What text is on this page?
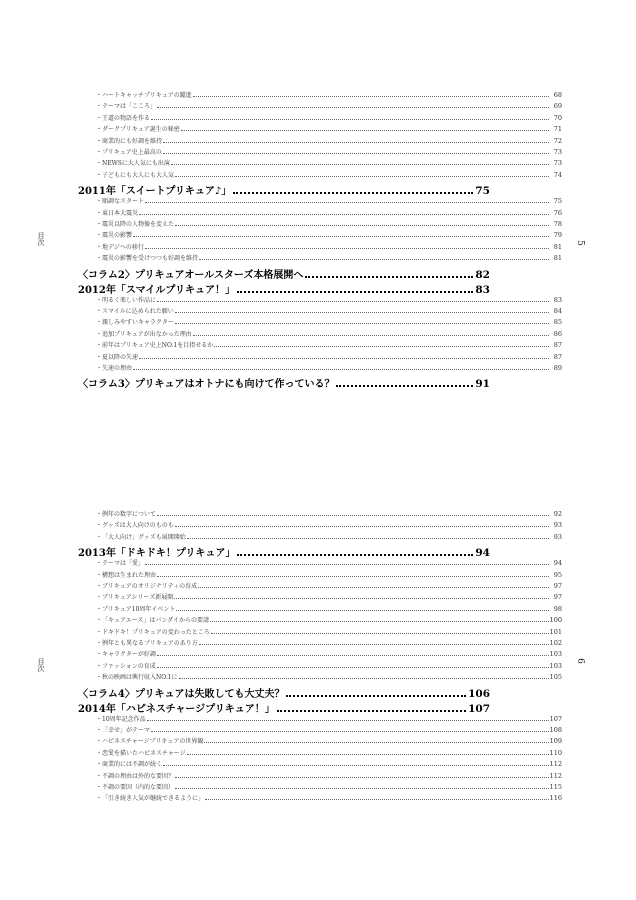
目次	5
・ ハートキャッチプリキュアの躍進	68
・ テーマは「こころ」	69
・ 王道の物語を作る	70
・ ダークプリキュア誕生の秘密	71
・ 商業的にも好調を維持	72
・ プリキュア史上最高の	73
・ NEWSに大人気にも出演	73
・ 子どもにも大人にも大人気	74
2011年「スイートプリキュア♪」	75
・ 順調なスタート	75
・ 東日本大震災	76
・ 震災以降の人物像を変えた	78
・ 震災の影響	79
・ 地デジへの移行	81
・ 震災の影響を受けつつも好調を維持	81
〈コラム2〉プリキュアオールスターズ本格展開へ	82
2012年「スマイルプリキュア！」	83
・ 明るく楽しい作品に	83
・ スマイルに込められた願い	84
・ 親しみやすいキャラクター	85
・ 追加プリキュアが出なかった理由	86
・ 前年はプリキュア史上NO.1を目指せるか	87
・ 夏以降の失速	87
・ 失速の理由	89
〈コラム3〉プリキュアはオトナにも向けて作っている？	91
目次	6
・ 例年の数字について	92
・ グッズは大人向けのものも	93
・ 「大人向け」グッズも展開開始	93
2013年「ドキドキ！プリキュア」	94
・ テーマは「愛」	94
・ 構想は生まれた理由	95
・ ブリキュアのオリジナリティの育成	97
・ ブリキュアシリーズ新展開	97
・ プリキュア10周年イベント	98
・ 「キュアエース」はバンダイからの要請	100
・ ドキドキ！プリキュアの変わったところ	101
・ 例年とも異なるプリキュアのあり方	102
・ キャラクターが好調	103
・ ファッションの育成	103
・ 秋の映画は興行収入NO.1に	105
〈コラム4〉プリキュアは失敗しても大丈夫？	106
2014年「ハピネスチャージプリキュア！」	107
・ 10周年記念作品	107
・ 「幸せ」がテーマ	108
・ ハピネスチャージプリキュアの世界観	109
・ 恋愛を描いたハピネスチャージ	110
・ 商業的には不調が続く	112
・ 不調の理由は外的な要因？	112
・ 不調の要因（内的な要因）	115
・ 「引き続き人気が継続できるように」	116
